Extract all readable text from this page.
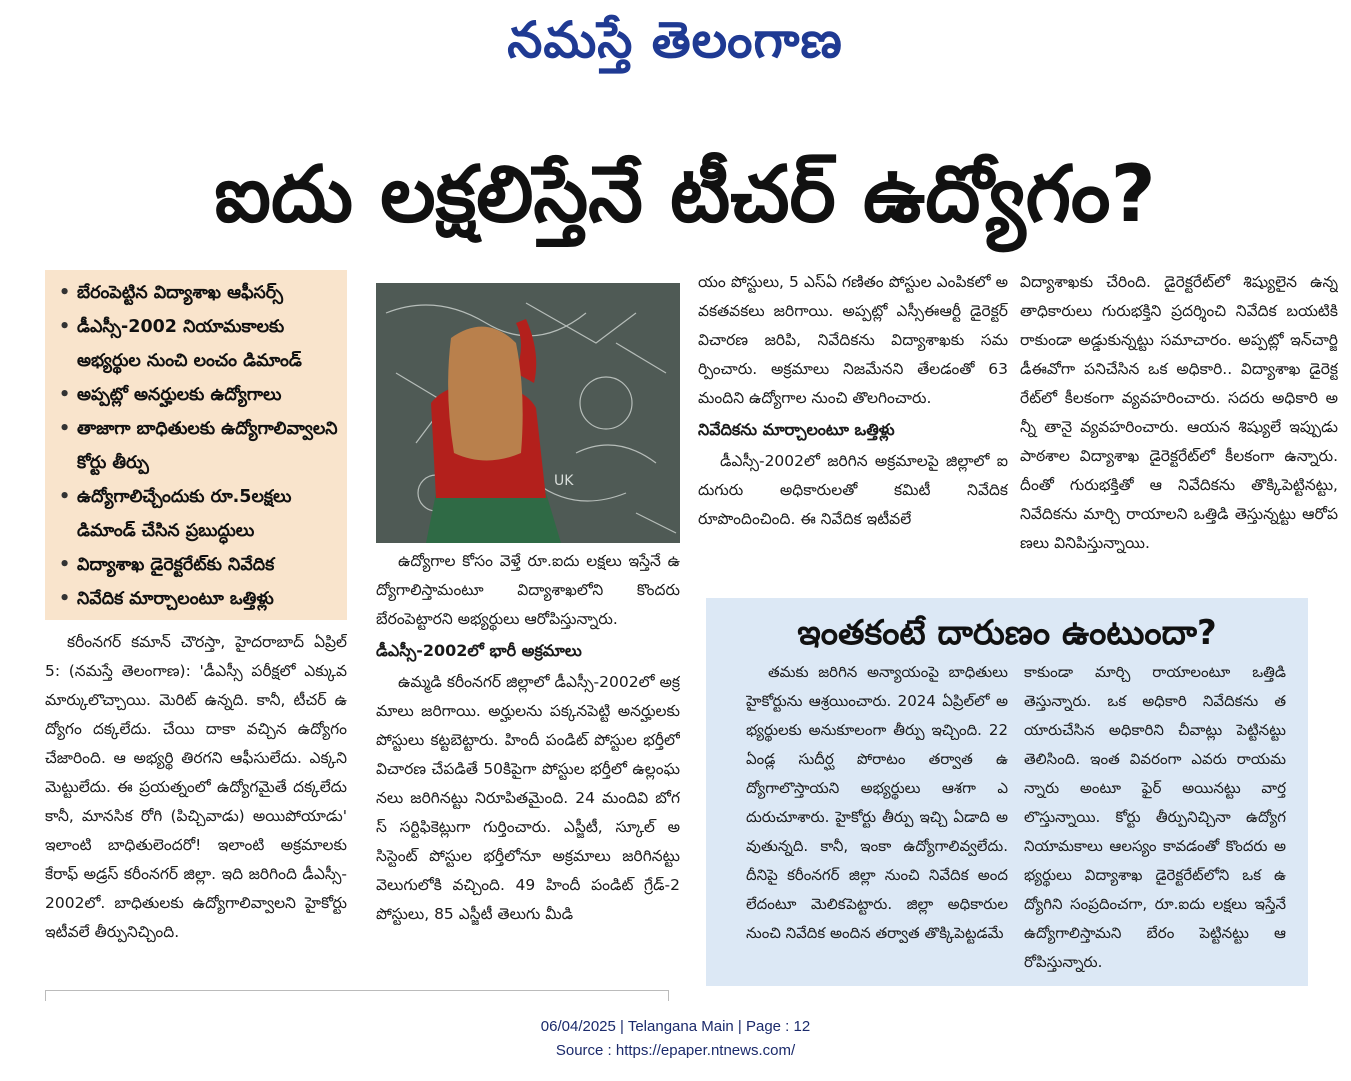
నమస్తే తెలంగాణ
ఐదు లక్షలిస్తేనే టీచర్ ఉద్యోగం?
• బేరంపెట్టిన విద్యాశాఖ ఆఫీసర్స్
• డీఎస్సీ-2002 నియామకాలకు అభ్యర్థుల నుంచి లంచం డిమాండ్
• అప్పట్లో అనర్హులకు ఉద్యోగాలు
• తాజాగా బాధితులకు ఉద్యోగాలివ్వాలని కోర్టు తీర్పు
• ఉద్యోగాలిచ్చేందుకు రూ.5లక్షలు డిమాండ్ చేసిన ప్రబుద్ధులు
• విద్యాశాఖ డైరెక్టరేట్‌కు నివేదిక
• నివేదిక మార్చాలంటూ ఒత్తిళ్లు
UK

కరీంనగర్ కమాన్ చౌరస్తా, హైదరాబాద్ ఏప్రిల్ 5: (నమస్తే తెలంగాణ): 'డీఎస్సీ పరీక్షలో ఎక్కువ మార్కులొచ్చాయి. మెరిట్ ఉన్నది. కానీ, టీచర్ ఉద్యోగం దక్కలేదు. చేయి దాకా వచ్చిన ఉద్యోగం చేజారింది. ఆ అభ్యర్థి తిరగని ఆఫీసులేదు. ఎక్కని మెట్టులేదు. ఈ ప్రయత్నంలో ఉద్యోగమైతే దక్కలేదు కానీ, మానసిక రోగి (పిచ్చివాడు) అయిపోయాడు' ఇలాంటి బాధితులెందరో! ఇలాంటి అక్రమాలకు కేరాఫ్ అడ్రస్ కరీంనగర్ జిల్లా. ఇది జరిగింది డీఎస్సీ-2002లో. బాధితులకు ఉద్యోగాలివ్వాలని హైకోర్టు ఇటీవలే తీర్పునిచ్చింది.

ఉద్యోగాల కోసం వెళ్తే రూ.ఐదు లక్షలు ఇస్తేనే ఉద్యోగాలిస్తామంటూ విద్యాశాఖలోని కొందరు బేరంపెట్టారని అభ్యర్థులు ఆరోపిస్తున్నారు.

డీఎస్సీ-2002లో భారీ అక్రమాలు

ఉమ్మడి కరీంనగర్ జిల్లాలో డీఎస్సీ-2002లో అక్రమాలు జరిగాయి. అర్హులను పక్కనపెట్టి అనర్హులకు పోస్టులు కట్టబెట్టారు. హిందీ పండిట్ పోస్టుల భర్తీలో విచారణ చేపడితే 50కిపైగా పోస్టుల భర్తీలో ఉల్లంఘనలు జరిగినట్టు నిరూపితమైంది. 24 మందివి బోగస్ సర్టిఫికెట్లుగా గుర్తించారు. ఎస్జీటీ, స్కూల్ అసిస్టెంట్ పోస్టుల భర్తీలోనూ అక్రమాలు జరిగినట్టు వెలుగులోకి వచ్చింది. 49 హిందీ పండిట్ గ్రేడ్-2 పోస్టులు, 85 ఎస్జీటీ తెలుగు మీడి

యం పోస్టులు, 5 ఎస్ఏ గణితం పోస్టుల ఎంపికలో అవకతవకలు జరిగాయి. అప్పట్లో ఎస్సీఈఆర్టీ డైరెక్టర్ విచారణ జరిపి, నివేదికను విద్యాశాఖకు సమర్పించారు. అక్రమాలు నిజమేనని తేలడంతో 63 మందిని ఉద్యోగాల నుంచి తొలగించారు.

నివేదికను మార్చాలంటూ ఒత్తిళ్లు

డీఎస్సీ-2002లో జరిగిన అక్రమాలపై జిల్లాలో ఐదుగురు అధికారులతో కమిటీ నివేదిక రూపొందించింది. ఈ నివేదిక ఇటీవలే

విద్యాశాఖకు చేరింది. డైరెక్టరేట్‌లో శిష్యులైన ఉన్నతాధికారులు గురుభక్తిని ప్రదర్శించి నివేదిక బయటికి రాకుండా అడ్డుకున్నట్టు సమాచారం. అప్పట్లో ఇన్‌చార్జి డీఈవోగా పనిచేసిన ఒక అధికారి.. విద్యాశాఖ డైరెక్టరేట్‌లో కీలకంగా వ్యవహరించారు. సదరు అధికారి అన్నీ తానై వ్యవహరించారు. ఆయన శిష్యులే ఇప్పుడు పాఠశాల విద్యాశాఖ డైరెక్టరేట్‌లో కీలకంగా ఉన్నారు. దీంతో గురుభక్తితో ఆ నివేదికను తొక్కిపెట్టినట్టు, నివేదికను మార్చి రాయాలని ఒత్తిడి తెస్తున్నట్టు ఆరోపణలు వినిపిస్తున్నాయి.

ఇంతకంటే దారుణం ఉంటుందా?

తమకు జరిగిన అన్యాయంపై బాధితులు హైకోర్టును ఆశ్రయించారు. 2024 ఏప్రిల్‌లో అభ్యర్థులకు అనుకూలంగా తీర్పు ఇచ్చింది. 22 ఏండ్ల సుదీర్ఘ పోరాటం తర్వాత ఉద్యోగాలొస్తాయని అభ్యర్థులు ఆశగా ఎదురుచూశారు. హైకోర్టు తీర్పు ఇచ్చి ఏడాది అవుతున్నది. కానీ, ఇంకా ఉద్యోగాలివ్వలేదు. దీనిపై కరీంనగర్ జిల్లా నుంచి నివేదిక అందలేదంటూ మెలికపెట్టారు. జిల్లా అధికారుల నుంచి నివేదిక అందిన తర్వాత తొక్కిపెట్టడమే

కాకుండా మార్చి రాయాలంటూ ఒత్తిడి తెస్తున్నారు. ఒక అధికారి నివేదికను తయారుచేసిన అధికారిని చీవాట్లు పెట్టినట్టు తెలిసింది. ఇంత వివరంగా ఎవరు రాయమన్నారు అంటూ ఫైర్ అయినట్టు వార్తలొస్తున్నాయి. కోర్టు తీర్పునిచ్చినా ఉద్యోగ నియామకాలు ఆలస్యం కావడంతో కొందరు అభ్యర్థులు విద్యాశాఖ డైరెక్టరేట్‌లోని ఒక ఉద్యోగిని సంప్రదించగా, రూ.ఐదు లక్షలు ఇస్తేనే ఉద్యోగాలిస్తామని బేరం పెట్టినట్టు ఆరోపిస్తున్నారు.

06/04/2025 | Telangana Main | Page : 12
Source : https://epaper.ntnews.com/
